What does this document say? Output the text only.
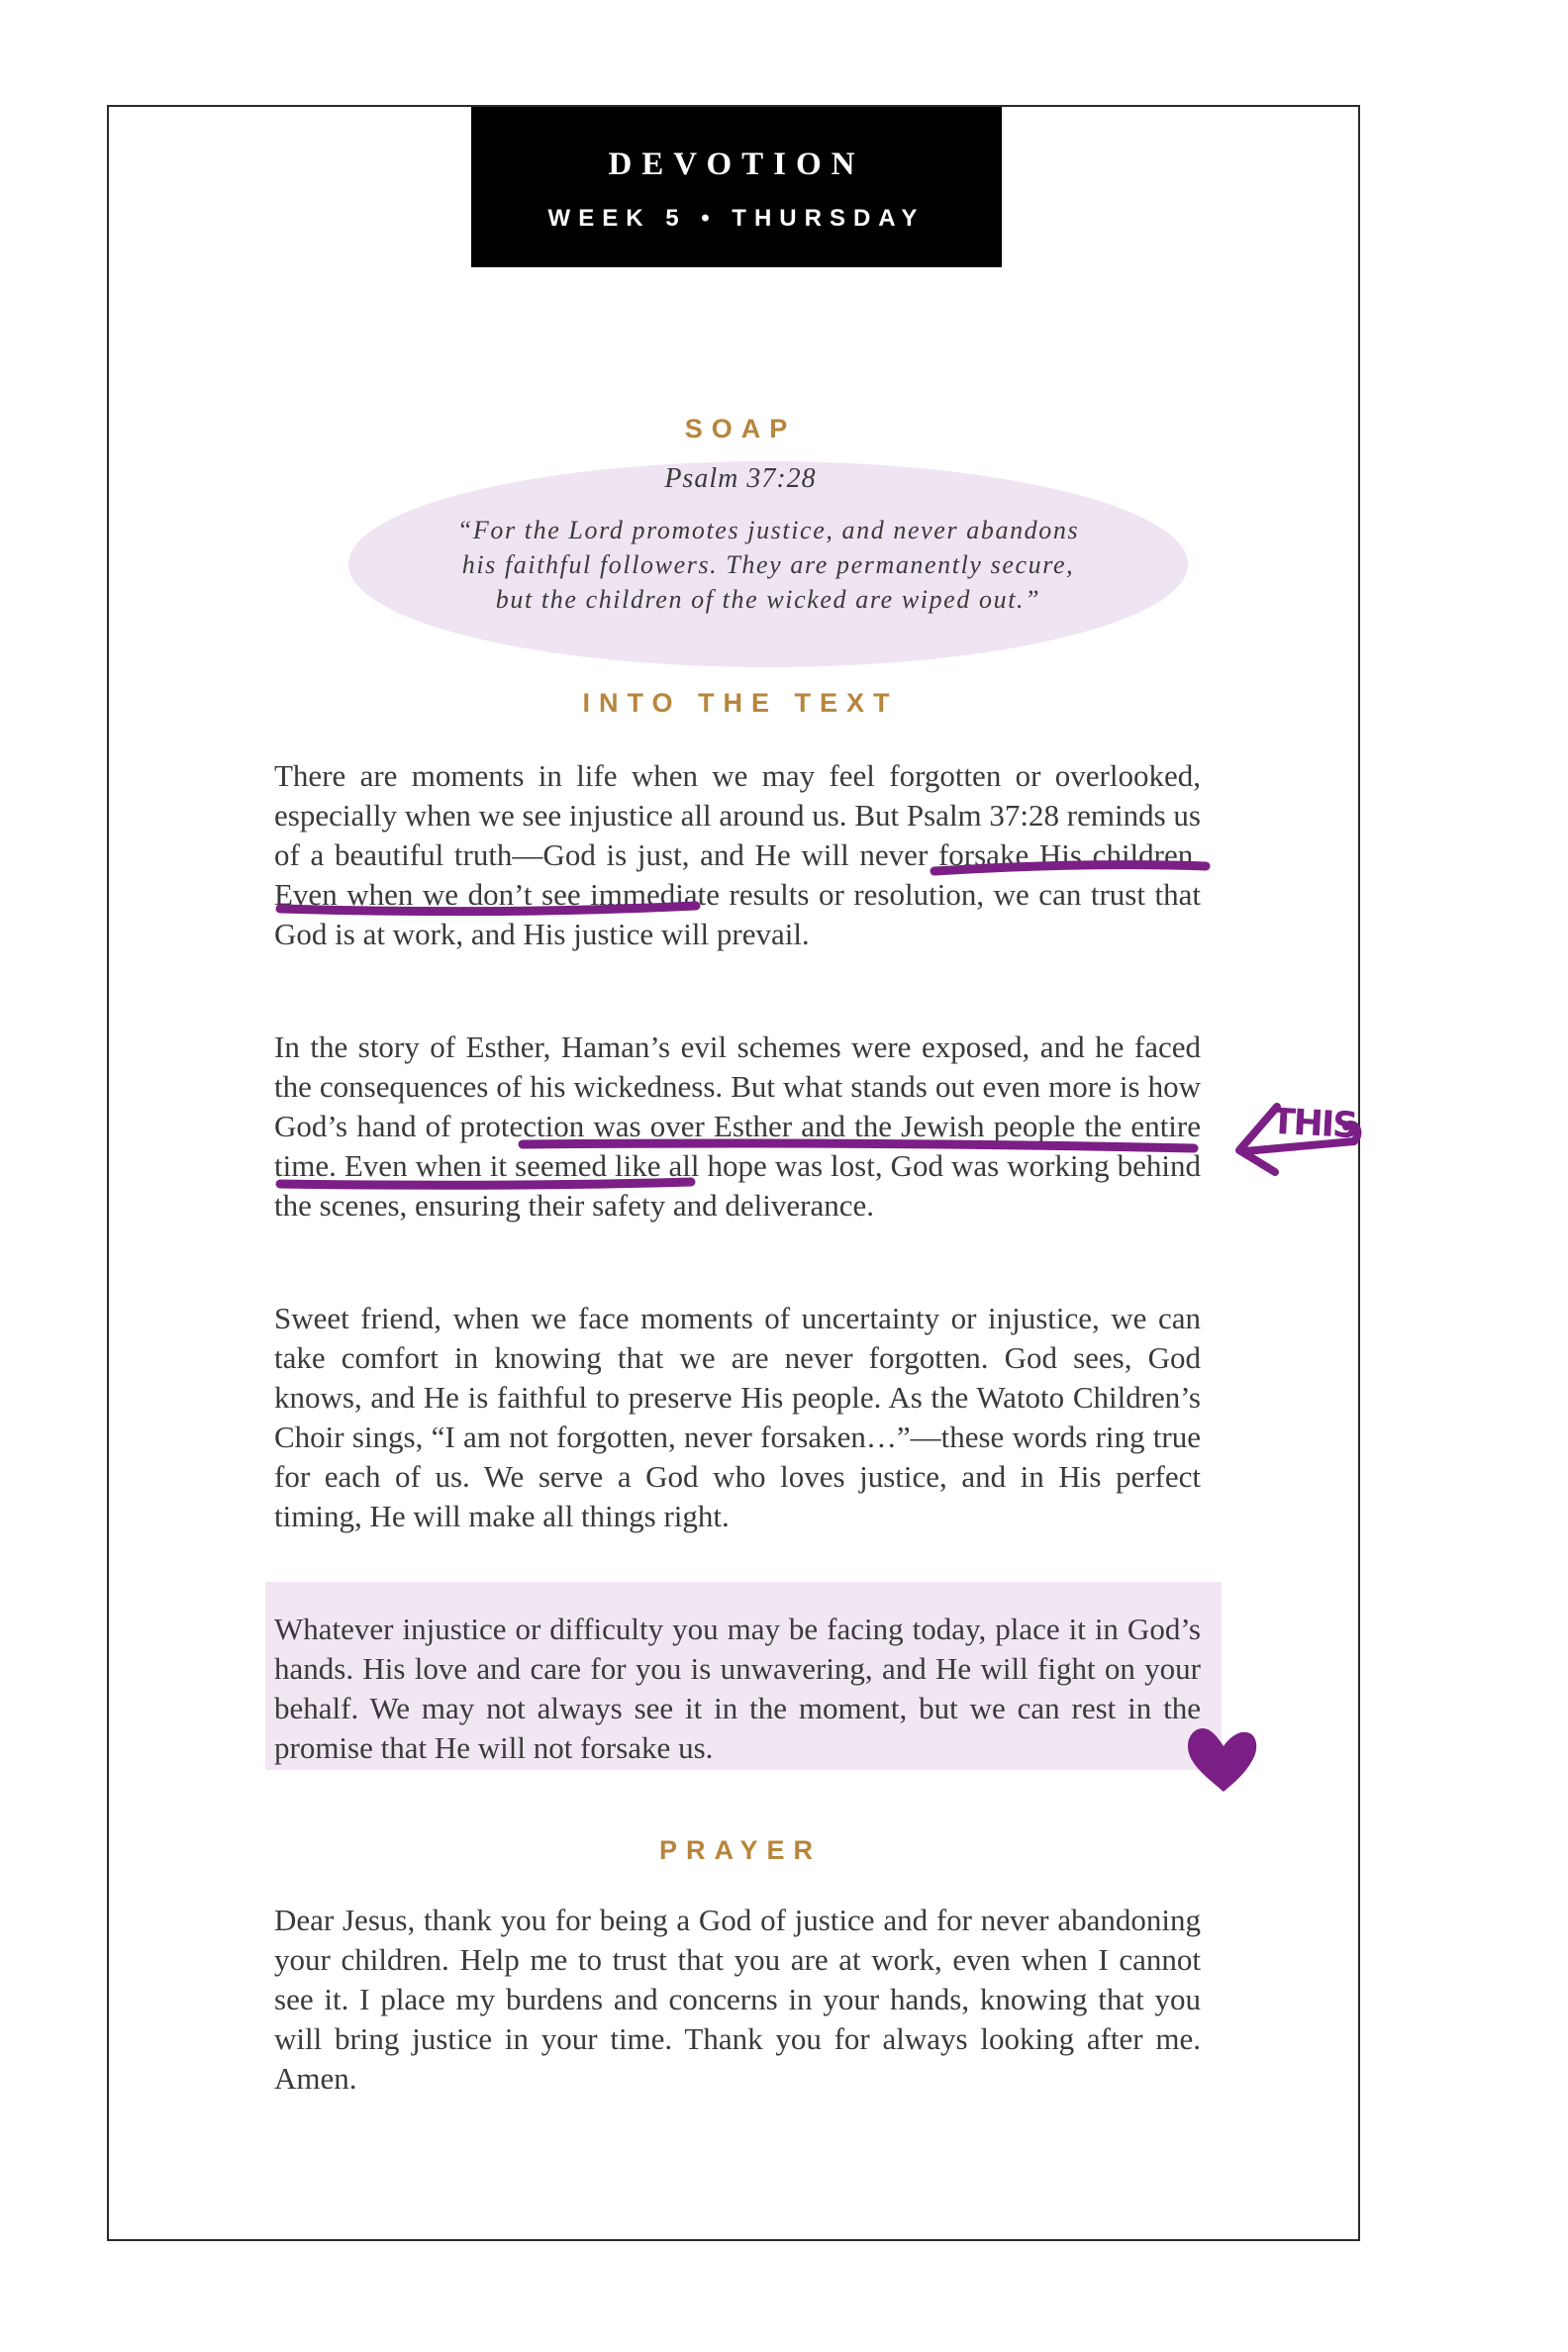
DEVOTION
WEEK 5 • THURSDAY
SOAP
Psalm 37:28
“For the Lord promotes justice, and never abandons
his faithful followers. They are permanently secure,
but the children of the wicked are wiped out.”
INTO THE TEXT

There are moments in life when we may feel forgotten or overlooked, especially when we see injustice all around us. But Psalm 37:28 reminds us of a beautiful truth—God is just, and He will never forsake His children. Even when we don’t see immediate results or resolution, we can trust that God is at work, and His justice will prevail.

In the story of Esther, Haman’s evil schemes were exposed, and he faced the consequences of his wickedness. But what stands out even more is how God’s hand of protection was over Esther and the Jewish people the entire time. Even when it seemed like all hope was lost, God was working behind the scenes, ensuring their safety and deliverance.

Sweet friend, when we face moments of uncertainty or injustice, we can take comfort in knowing that we are never forgotten. God sees, God knows, and He is faithful to preserve His people. As the Watoto Children’s Choir sings, “I am not forgotten, never forsaken…”—these words ring true for each of us. We serve a God who loves justice, and in His perfect timing, He will make all things right.

Whatever injustice or difficulty you may be facing today, place it in God’s hands. His love and care for you is unwavering, and He will fight on your behalf. We may not always see it in the moment, but we can rest in the promise that He will not forsake us.

PRAYER

Dear Jesus, thank you for being a God of justice and for never abandoning your children. Help me to trust that you are at work, even when I cannot see it. I place my burdens and concerns in your hands, knowing that you will bring justice in your time. Thank you for always looking after me. Amen.

THIS
